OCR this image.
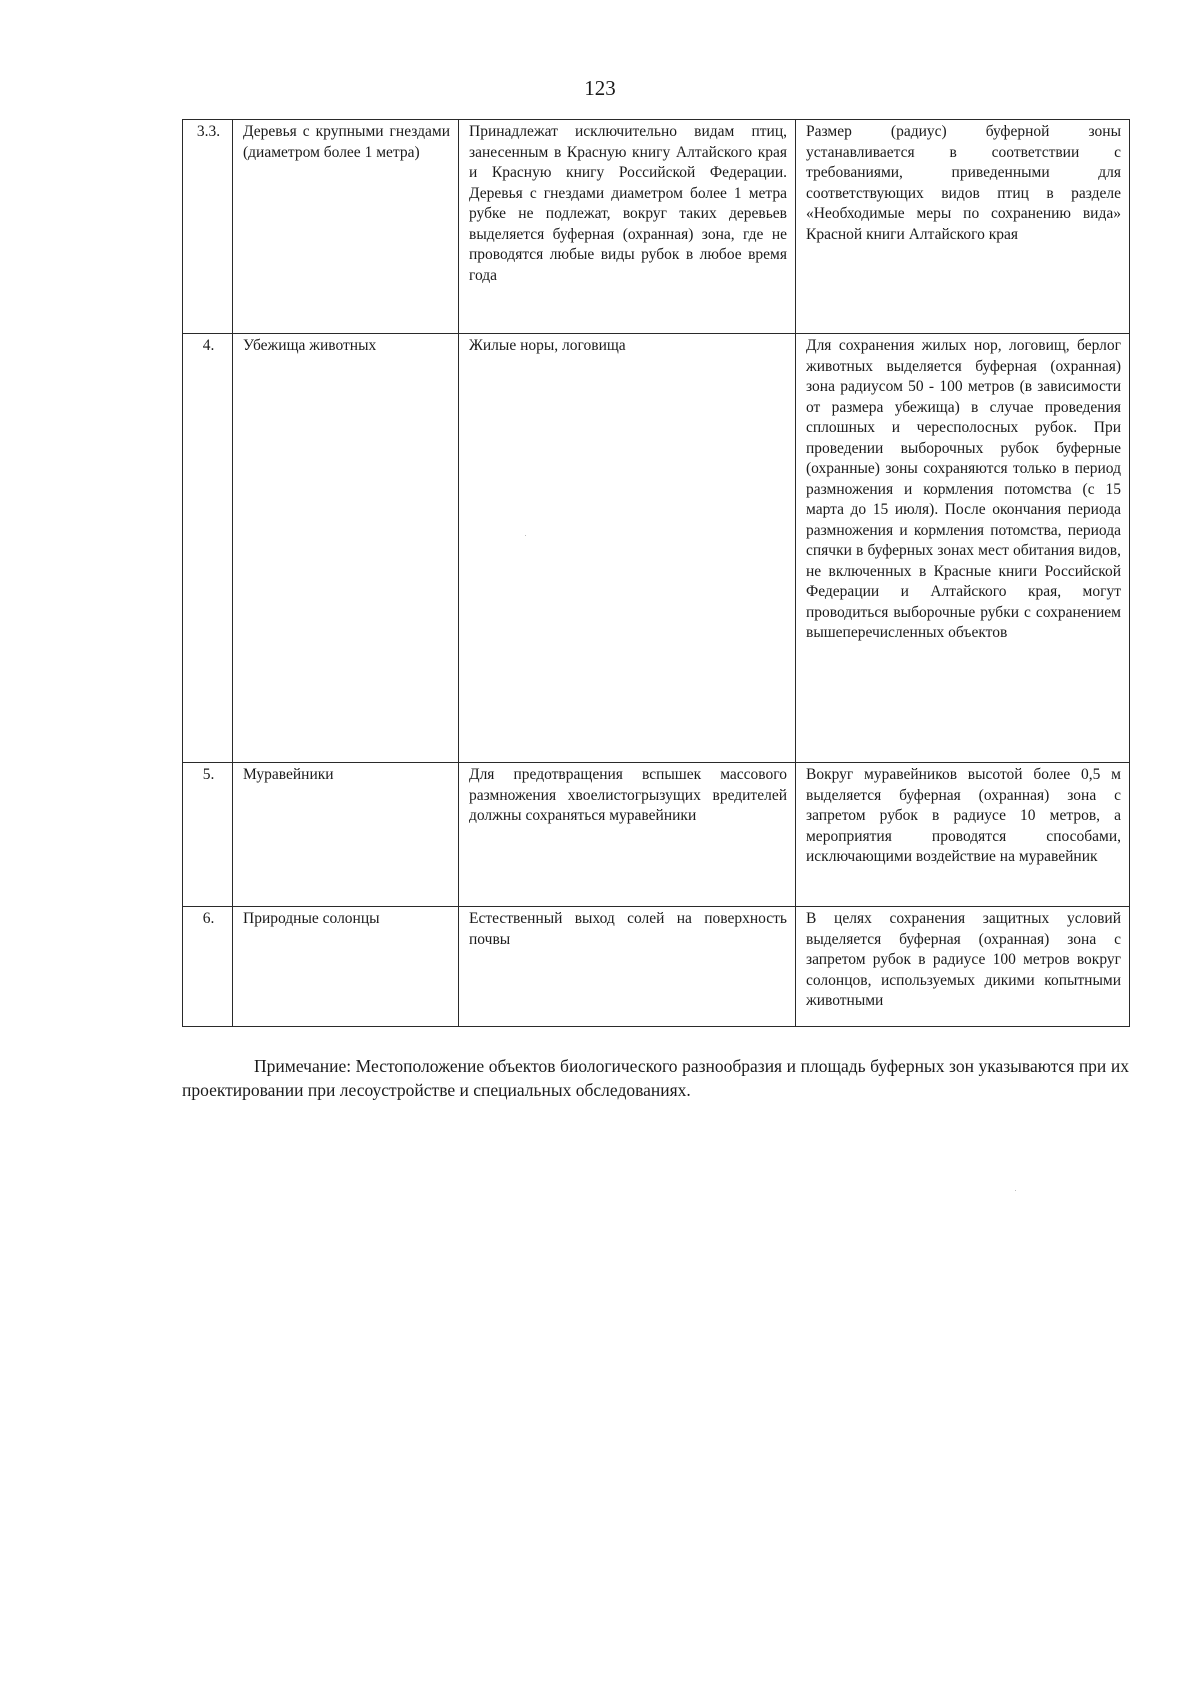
123
3.3.	Деревья с крупными гнездами (диаметром более 1 метра)	Принадлежат исключительно видам птиц, занесенным в Красную книгу Алтайского края и Красную книгу Российской Федерации. Деревья с гнездами диаметром более 1 метра рубке не подлежат, вокруг таких деревьев выделяется буферная (охранная) зона, где не проводятся любые виды рубок в любое время года	Размер (радиус) буферной зоны устанавливается в соответствии с требованиями, приведенными для соответствующих видов птиц в разделе «Необходимые меры по сохранению вида» Красной книги Алтайского края
4.	Убежища животных	Жилые норы, логовища	Для сохранения жилых нор, логовищ, берлог животных выделяется буферная (охранная) зона радиусом 50 - 100 метров (в зависимости от размера убежища) в случае проведения сплошных и чересполосных рубок. При проведении выборочных рубок буферные (охранные) зоны сохраняются только в период размножения и кормления потомства (с 15 марта до 15 июля). После окончания периода размножения и кормления потомства, периода спячки в буферных зонах мест обитания видов, не включенных в Красные книги Российской Федерации и Алтайского края, могут проводиться выборочные рубки с сохранением вышеперечисленных объектов
5.	Муравейники	Для предотвращения вспышек массового размножения хвоелистогрызущих вредителей должны сохраняться муравейники	Вокруг муравейников высотой более 0,5 м выделяется буферная (охранная) зона с запретом рубок в радиусе 10 метров, а мероприятия проводятся способами, исключающими воздействие на муравейник
6.	Природные солонцы	Естественный выход солей на поверхность почвы	В целях сохранения защитных условий выделяется буферная (охранная) зона с запретом рубок в радиусе 100 метров вокруг солонцов, используемых дикими копытными животными
Примечание: Местоположение объектов биологического разнообразия и площадь буферных зон указываются при их проектировании при лесоустройстве и специальных обследованиях.
